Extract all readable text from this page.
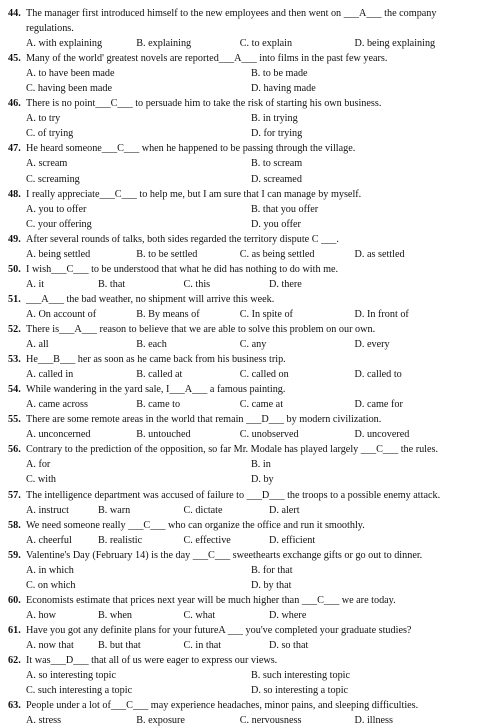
44. The manager first introduced himself to the new employees and then went on ___A___ the company
regulations.
A. with explaining	B. explaining	C. to explain	D. being explaining
45. Many of the world' greatest novels are reported___A___ into films in the past few years.
A. to have been made	B. to be made
C. having been made	D. having made
46. There is no point___C___ to persuade him to take the risk of starting his own business.
A. to try	B. in trying
C. of trying	D. for trying
47. He heard someone___C___ when he happened to be passing through the village.
A. scream	B. to scream
C. screaming	D. screamed
48. I really appreciate___C___ to help me, but I am sure that I can manage by myself.
A. you to offer	B. that you offer
C. your offering	D. you offer
49. After several rounds of talks, both sides regarded the territory dispute C ___.
A. being settled	B. to be settled	C. as being settled	D. as settled
50. I wish___C___ to be understood that what he did has nothing to do with me.
A. it	B. that	C. this	D. there
51. ___A___ the bad weather, no shipment will arrive this week.
A. On account of	B. By means of	C. In spite of	D. In front of
52. There is___A___ reason to believe that we are able to solve this problem on our own.
A. all	B. each	C. any	D. every
53. He___B___ her as soon as he came back from his business trip.
A. called in	B. called at	C. called on	D. called to
54. While wandering in the yard sale, I___A___ a famous painting.
A. came across	B. came to	C. came at	D. came for
55. There are some remote areas in the world that remain ___D___ by modern civilization.
A. unconcerned	B. untouched	C. unobserved	D. uncovered
56. Contrary to the prediction of the opposition, so far Mr. Modale has played largely ___C___ the rules.
A. for	B. in
C. with	D. by
57. The intelligence department was accused of failure to ___D___ the troops to a possible enemy attack.
A. instruct	B. warn	C. dictate	D. alert
58. We need someone really ___C___ who can organize the office and run it smoothly.
A. cheerful	B. realistic	C. effective	D. efficient
59. Valentine's Day (February 14) is the day ___C___ sweethearts exchange gifts or go out to dinner.
A. in which	B. for that
C. on which	D. by that
60. Economists estimate that prices next year will be much higher than ___C___ we are today.
A. how	B. when	C. what	D. where
61. Have you got any definite plans for your futureA ___ you've completed your graduate studies?
A. now that	B. but that	C. in that	D. so that
62. It was___D___ that all of us were eager to express our views.
A. so interesting topic	B. such interesting topic
C. such interesting a topic	D. so interesting a topic
63. People under a lot of___C___ may experience headaches, minor pains, and sleeping difficulties.
A. stress	B. exposure	C. nervousness	D. illness
